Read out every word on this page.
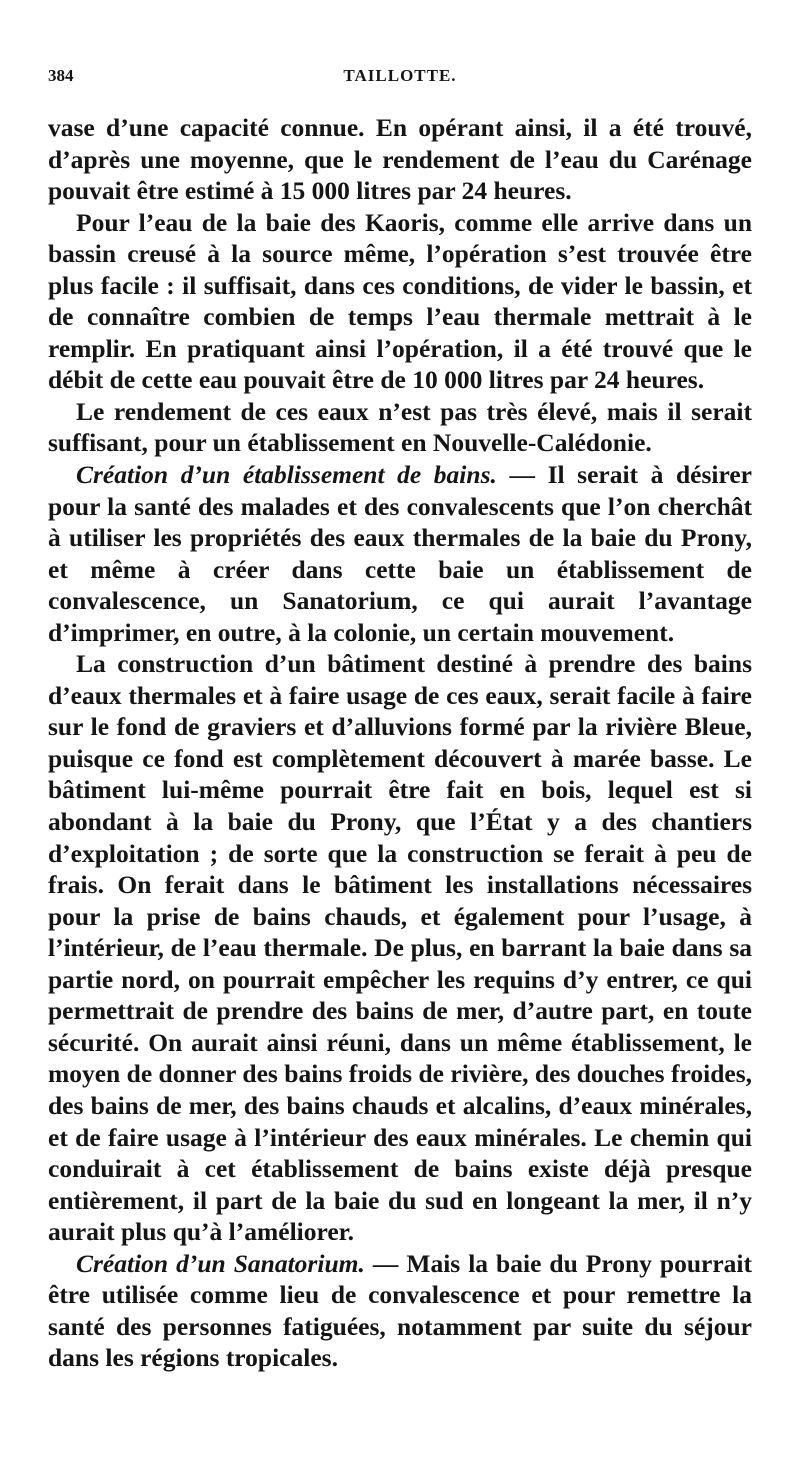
384	TAILLOTTE.

vase d’une capacité connue. En opérant ainsi, il a été trouvé, d’après une moyenne, que le rendement de l’eau du Carénage pouvait être estimé à 15 000 litres par 24 heures.

Pour l’eau de la baie des Kaoris, comme elle arrive dans un bassin creusé à la source même, l’opération s’est trouvée être plus facile : il suffisait, dans ces conditions, de vider le bassin, et de connaître combien de temps l’eau thermale mettrait à le remplir. En pratiquant ainsi l’opération, il a été trouvé que le débit de cette eau pouvait être de 10 000 litres par 24 heures.

Le rendement de ces eaux n’est pas très élevé, mais il serait suffisant, pour un établissement en Nouvelle-Calédonie.

Création d’un établissement de bains. — Il serait à désirer pour la santé des malades et des convalescents que l’on cherchât à utiliser les propriétés des eaux thermales de la baie du Prony, et même à créer dans cette baie un établissement de convalescence, un Sanatorium, ce qui aurait l’avantage d’imprimer, en outre, à la colonie, un certain mouvement.

La construction d’un bâtiment destiné à prendre des bains d’eaux thermales et à faire usage de ces eaux, serait facile à faire sur le fond de graviers et d’alluvions formé par la rivière Bleue, puisque ce fond est complètement découvert à marée basse. Le bâtiment lui-même pourrait être fait en bois, lequel est si abondant à la baie du Prony, que l’État y a des chantiers d’exploitation ; de sorte que la construction se ferait à peu de frais. On ferait dans le bâtiment les installations nécessaires pour la prise de bains chauds, et également pour l’usage, à l’intérieur, de l’eau thermale. De plus, en barrant la baie dans sa partie nord, on pourrait empêcher les requins d’y entrer, ce qui permettrait de prendre des bains de mer, d’autre part, en toute sécurité. On aurait ainsi réuni, dans un même établissement, le moyen de donner des bains froids de rivière, des douches froides, des bains de mer, des bains chauds et alcalins, d’eaux minérales, et de faire usage à l’intérieur des eaux minérales. Le chemin qui conduirait à cet établissement de bains existe déjà presque entièrement, il part de la baie du sud en longeant la mer, il n’y aurait plus qu’à l’améliorer.

Création d’un Sanatorium. — Mais la baie du Prony pourrait être utilisée comme lieu de convalescence et pour remettre la santé des personnes fatiguées, notamment par suite du séjour dans les régions tropicales.
